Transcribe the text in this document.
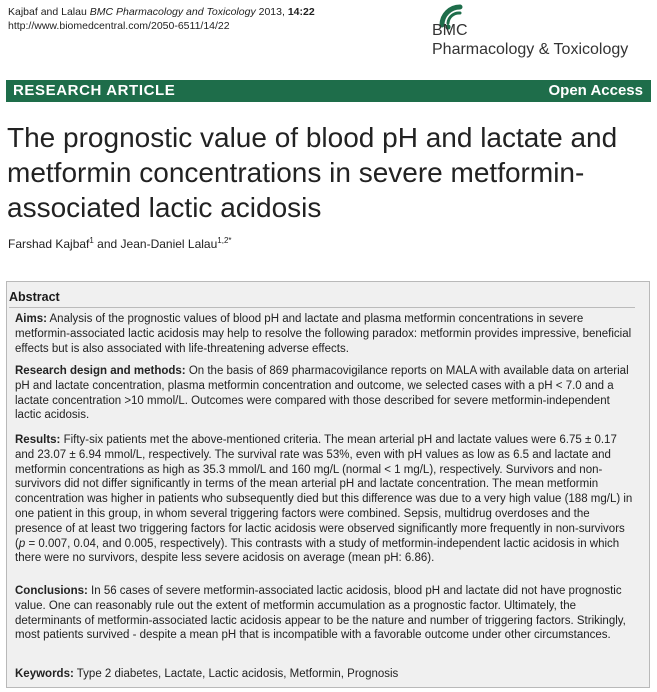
Kajbaf and Lalau BMC Pharmacology and Toxicology 2013, 14:22
http://www.biomedcentral.com/2050-6511/14/22	BMC
Pharmacology & Toxicology
RESEARCH ARTICLE	Open Access
The prognostic value of blood pH and lactate and metformin concentrations in severe metformin-associated lactic acidosis
Farshad Kajbaf$^1$ and Jean-Daniel Lalau$^{1,2*}$
Abstract
Aims: Analysis of the prognostic values of blood pH and lactate and plasma metformin concentrations in severe metformin-associated lactic acidosis may help to resolve the following paradox: metformin provides impressive, beneficial effects but is also associated with life-threatening adverse effects.
Research design and methods: On the basis of 869 pharmacovigilance reports on MALA with available data on arterial pH and lactate concentration, plasma metformin concentration and outcome, we selected cases with a pH < 7.0 and a lactate concentration >10 mmol/L. Outcomes were compared with those described for severe metformin-independent lactic acidosis.
Results: Fifty-six patients met the above-mentioned criteria. The mean arterial pH and lactate values were 6.75 ± 0.17 and 23.07 ± 6.94 mmol/L, respectively. The survival rate was 53%, even with pH values as low as 6.5 and lactate and metformin concentrations as high as 35.3 mmol/L and 160 mg/L (normal < 1 mg/L), respectively. Survivors and non-survivors did not differ significantly in terms of the mean arterial pH and lactate concentration. The mean metformin concentration was higher in patients who subsequently died but this difference was due to a very high value (188 mg/L) in one patient in this group, in whom several triggering factors were combined. Sepsis, multidrug overdoses and the presence of at least two triggering factors for lactic acidosis were observed significantly more frequently in non-survivors (p = 0.007, 0.04, and 0.005, respectively). This contrasts with a study of metformin-independent lactic acidosis in which there were no survivors, despite less severe acidosis on average (mean pH: 6.86).
Conclusions: In 56 cases of severe metformin-associated lactic acidosis, blood pH and lactate did not have prognostic value. One can reasonably rule out the extent of metformin accumulation as a prognostic factor. Ultimately, the determinants of metformin-associated lactic acidosis appear to be the nature and number of triggering factors. Strikingly, most patients survived - despite a mean pH that is incompatible with a favorable outcome under other circumstances.
Keywords: Type 2 diabetes, Lactate, Lactic acidosis, Metformin, Prognosis
